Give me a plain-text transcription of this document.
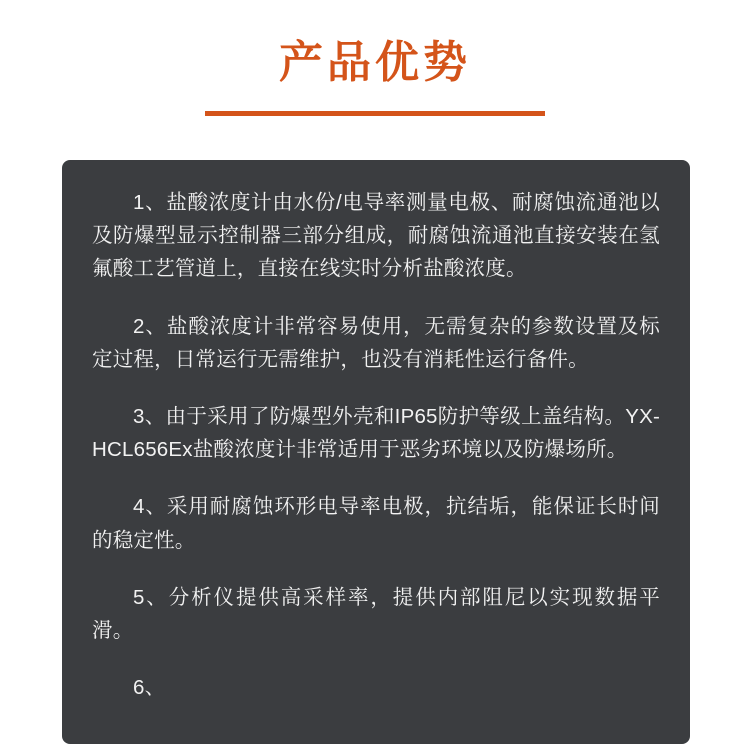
产品优势

1、盐酸浓度计由水份/电导率测量电极、耐腐蚀流通池以及防爆型显示控制器三部分组成，耐腐蚀流通池直接安装在氢氟酸工艺管道上，直接在线实时分析盐酸浓度。

2、盐酸浓度计非常容易使用，无需复杂的参数设置及标定过程，日常运行无需维护，也没有消耗性运行备件。

3、由于采用了防爆型外壳和IP65防护等级上盖结构。YX-HCL656Ex盐酸浓度计非常适用于恶劣环境以及防爆场所。

4、采用耐腐蚀环形电导率电极，抗结垢，能保证长时间的稳定性。

5、分析仪提供高采样率，提供内部阻尼以实现数据平滑。

6、
